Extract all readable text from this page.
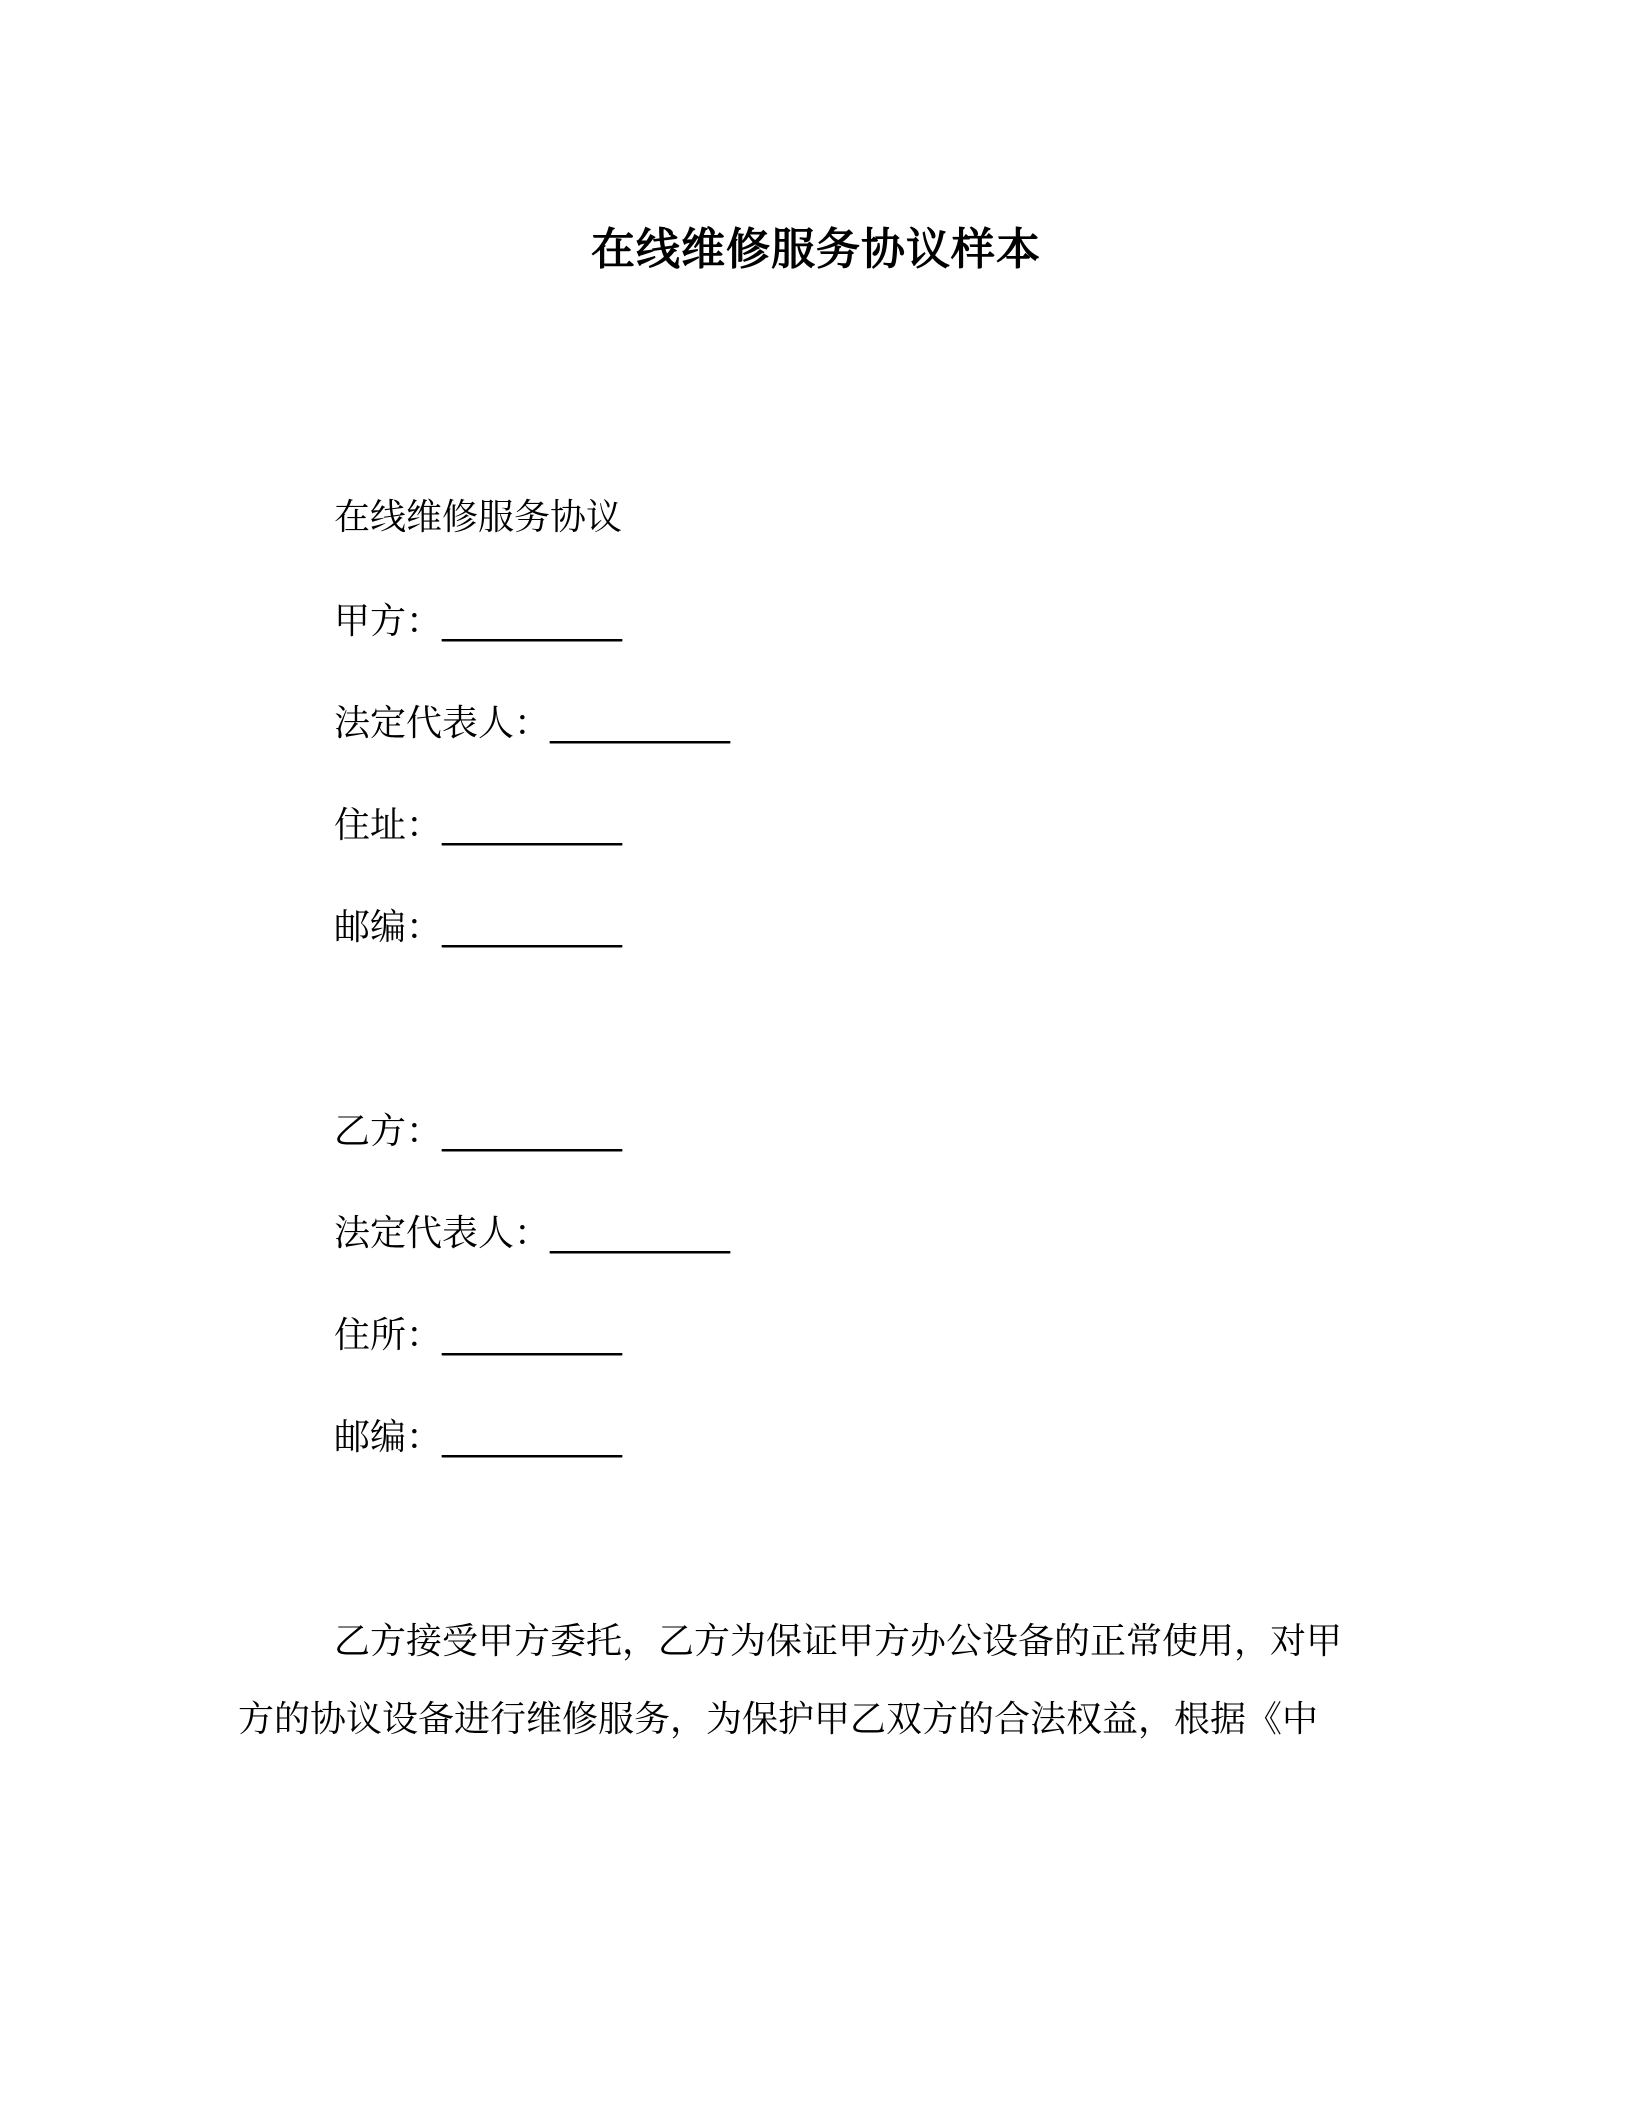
在线维修服务协议样本
在线维修服务协议
甲方：__________
法定代表人：__________
住址：__________
邮编：__________
乙方：__________
法定代表人：__________
住所：__________
邮编：__________
乙方接受甲方委托，乙方为保证甲方办公设备的正常使用，对甲
方的协议设备进行维修服务，为保护甲乙双方的合法权益，根据《中
